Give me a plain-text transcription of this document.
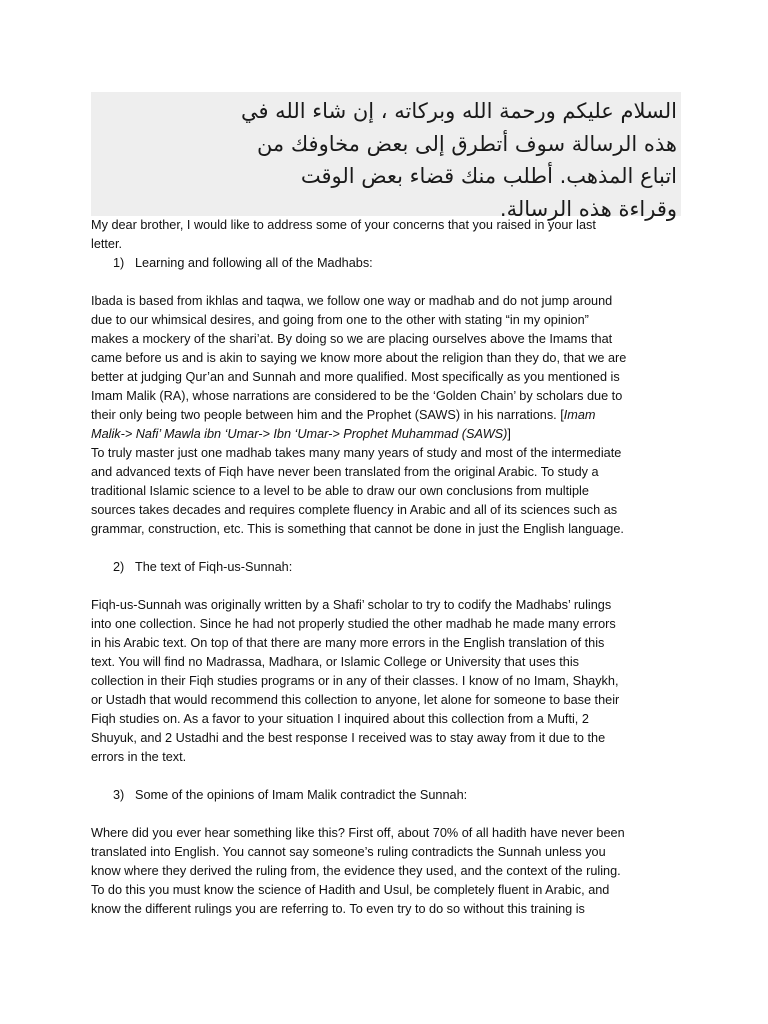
السلام عليكم ورحمة الله وبركاته ، إن شاء الله في
هذه الرسالة سوف أتطرق إلى بعض مخاوفك من
اتباع المذهب. أطلب منك قضاء بعض الوقت
وقراءة هذه الرسالة.

My dear brother, I would like to address some of your concerns that you raised in your last
letter.

1) Learning and following all of the Madhabs:

Ibada is based from ikhlas and taqwa, we follow one way or madhab and do not jump around
due to our whimsical desires, and going from one to the other with stating “in my opinion”
makes a mockery of the shari’at. By doing so we are placing ourselves above the Imams that
came before us and is akin to saying we know more about the religion than they do, that we are
better at judging Qur’an and Sunnah and more qualified. Most specifically as you mentioned is
Imam Malik (RA), whose narrations are considered to be the ‘Golden Chain’ by scholars due to
their only being two people between him and the Prophet (SAWS) in his narrations. [Imam
Malik-> Nafi’ Mawla ibn ‘Umar-> Ibn ‘Umar-> Prophet Muhammad (SAWS)]

To truly master just one madhab takes many many years of study and most of the intermediate
and advanced texts of Fiqh have never been translated from the original Arabic. To study a
traditional Islamic science to a level to be able to draw our own conclusions from multiple
sources takes decades and requires complete fluency in Arabic and all of its sciences such as
grammar, construction, etc. This is something that cannot be done in just the English language.

2) The text of Fiqh-us-Sunnah:

Fiqh-us-Sunnah was originally written by a Shafi’ scholar to try to codify the Madhabs’ rulings
into one collection. Since he had not properly studied the other madhab he made many errors
in his Arabic text. On top of that there are many more errors in the English translation of this
text. You will find no Madrassa, Madhara, or Islamic College or University that uses this
collection in their Fiqh studies programs or in any of their classes. I know of no Imam, Shaykh,
or Ustadh that would recommend this collection to anyone, let alone for someone to base their
Fiqh studies on. As a favor to your situation I inquired about this collection from a Mufti, 2
Shuyuk, and 2 Ustadhi and the best response I received was to stay away from it due to the
errors in the text.

3) Some of the opinions of Imam Malik contradict the Sunnah:

Where did you ever hear something like this? First off, about 70% of all hadith have never been
translated into English. You cannot say someone’s ruling contradicts the Sunnah unless you
know where they derived the ruling from, the evidence they used, and the context of the ruling.
To do this you must know the science of Hadith and Usul, be completely fluent in Arabic, and
know the different rulings you are referring to. To even try to do so without this training is
